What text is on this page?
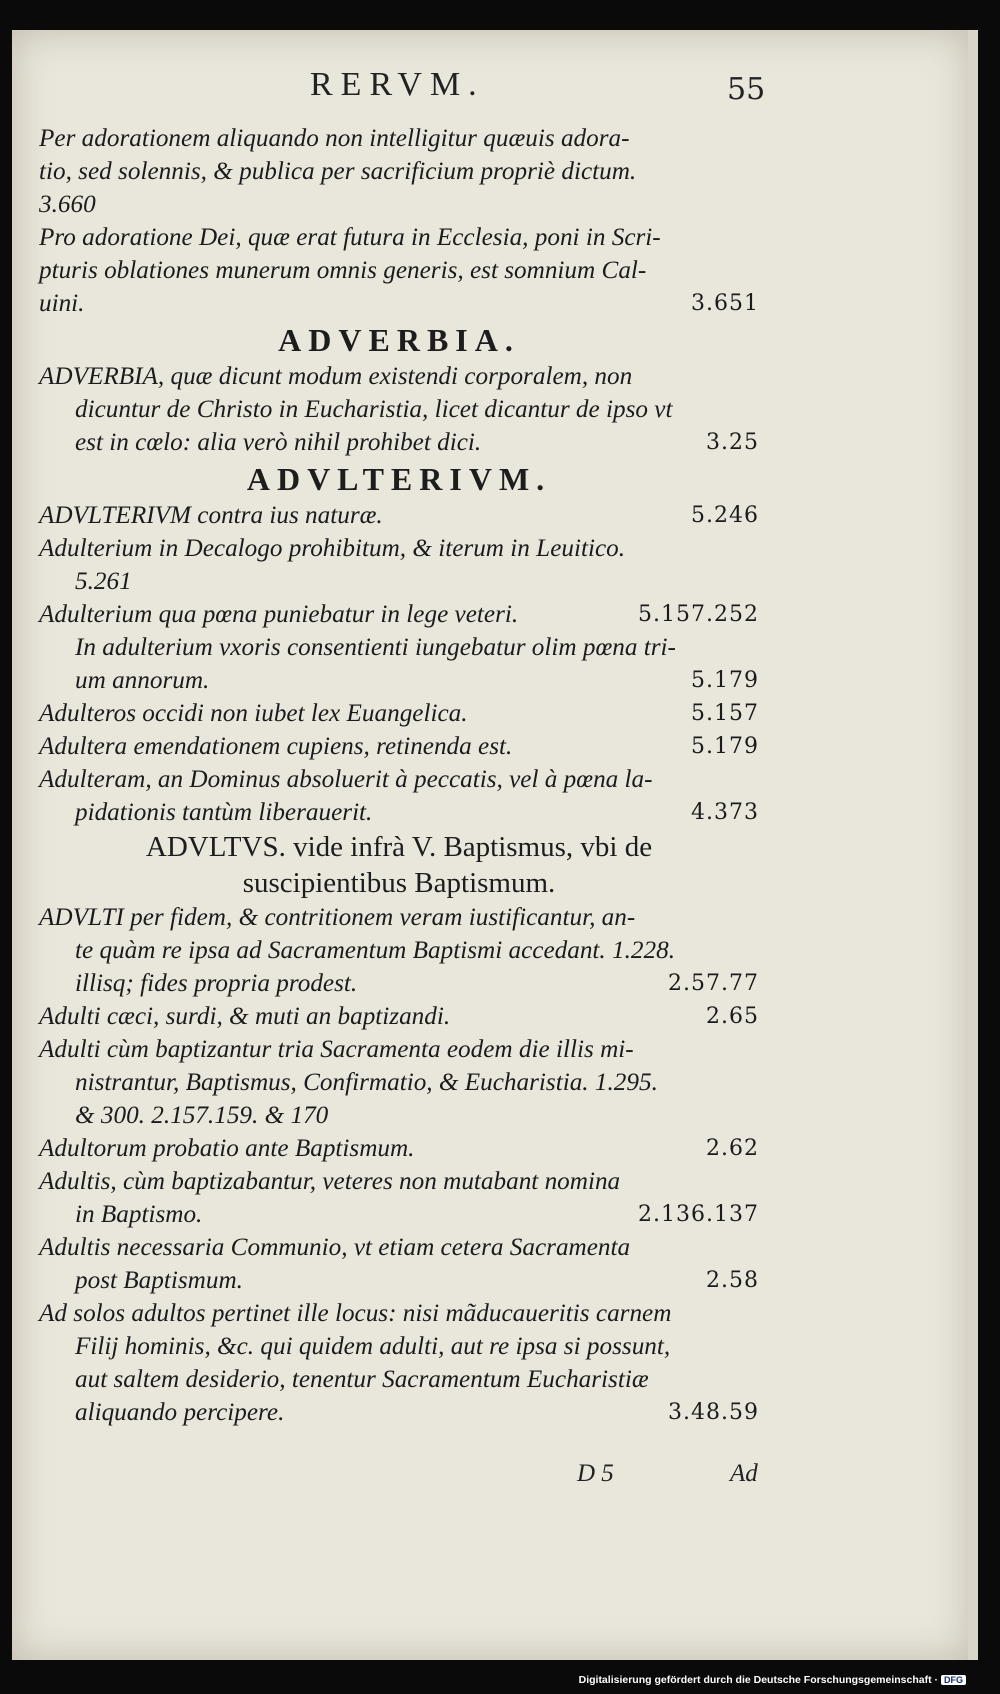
RERVM.	55
Per adorationem aliquando non intelligitur quæuis adora-
tio, sed solennis, & publica per sacrificium propriè dictum.
3.660
Pro adoratione Dei, quæ erat futura in Ecclesia, poni in Scri-
pturis oblationes munerum omnis generis, est somnium Cal-
uini.	3.651
ADVERBIA.
ADVERBIA, quæ dicunt modum existendi corporalem, non
dicuntur de Christo in Eucharistia, licet dicantur de ipso vt
est in cœlo: alia verò nihil prohibet dici.	3.25
ADVLTERIVM.
ADVLTERIVM contra ius naturæ.	5.246
Adulterium in Decalogo prohibitum, & iterum in Leuitico.
5.261
Adulterium qua pœna puniebatur in lege veteri.	5.157.252
In adulterium vxoris consentienti iungebatur olim pœna tri-
um annorum.	5.179
Adulteros occidi non iubet lex Euangelica.	5.157
Adultera emendationem cupiens, retinenda est.	5.179
Adulteram, an Dominus absoluerit à peccatis, vel à pœna la-
pidationis tantùm liberauerit.	4.373
ADVLTVS. vide infrà V. Baptismus, vbi de
suscipientibus Baptismum.
ADVLTI per fidem, & contritionem veram iustificantur, an-
te quàm re ipsa ad Sacramentum Baptismi accedant. 1.228.
illisq; fides propria prodest.	2.57.77
Adulti cæci, surdi, & muti an baptizandi.	2.65
Adulti cùm baptizantur tria Sacramenta eodem die illis mi-
nistrantur, Baptismus, Confirmatio, & Eucharistia. 1.295.
& 300. 2.157.159. & 170
Adultorum probatio ante Baptismum.	2.62
Adultis, cùm baptizabantur, veteres non mutabant nomina
in Baptismo.	2.136.137
Adultis necessaria Communio, vt etiam cetera Sacramenta
post Baptismum.	2.58
Ad solos adultos pertinet ille locus: nisi mãducaueritis carnem
Filij hominis, &c. qui quidem adulti, aut re ipsa si possunt,
aut saltem desiderio, tenentur Sacramentum Eucharistiæ
aliquando percipere.	3.48.59
D 5	Ad
Digitalisierung gefördert durch die Deutsche Forschungsgemeinschaft · DFG
